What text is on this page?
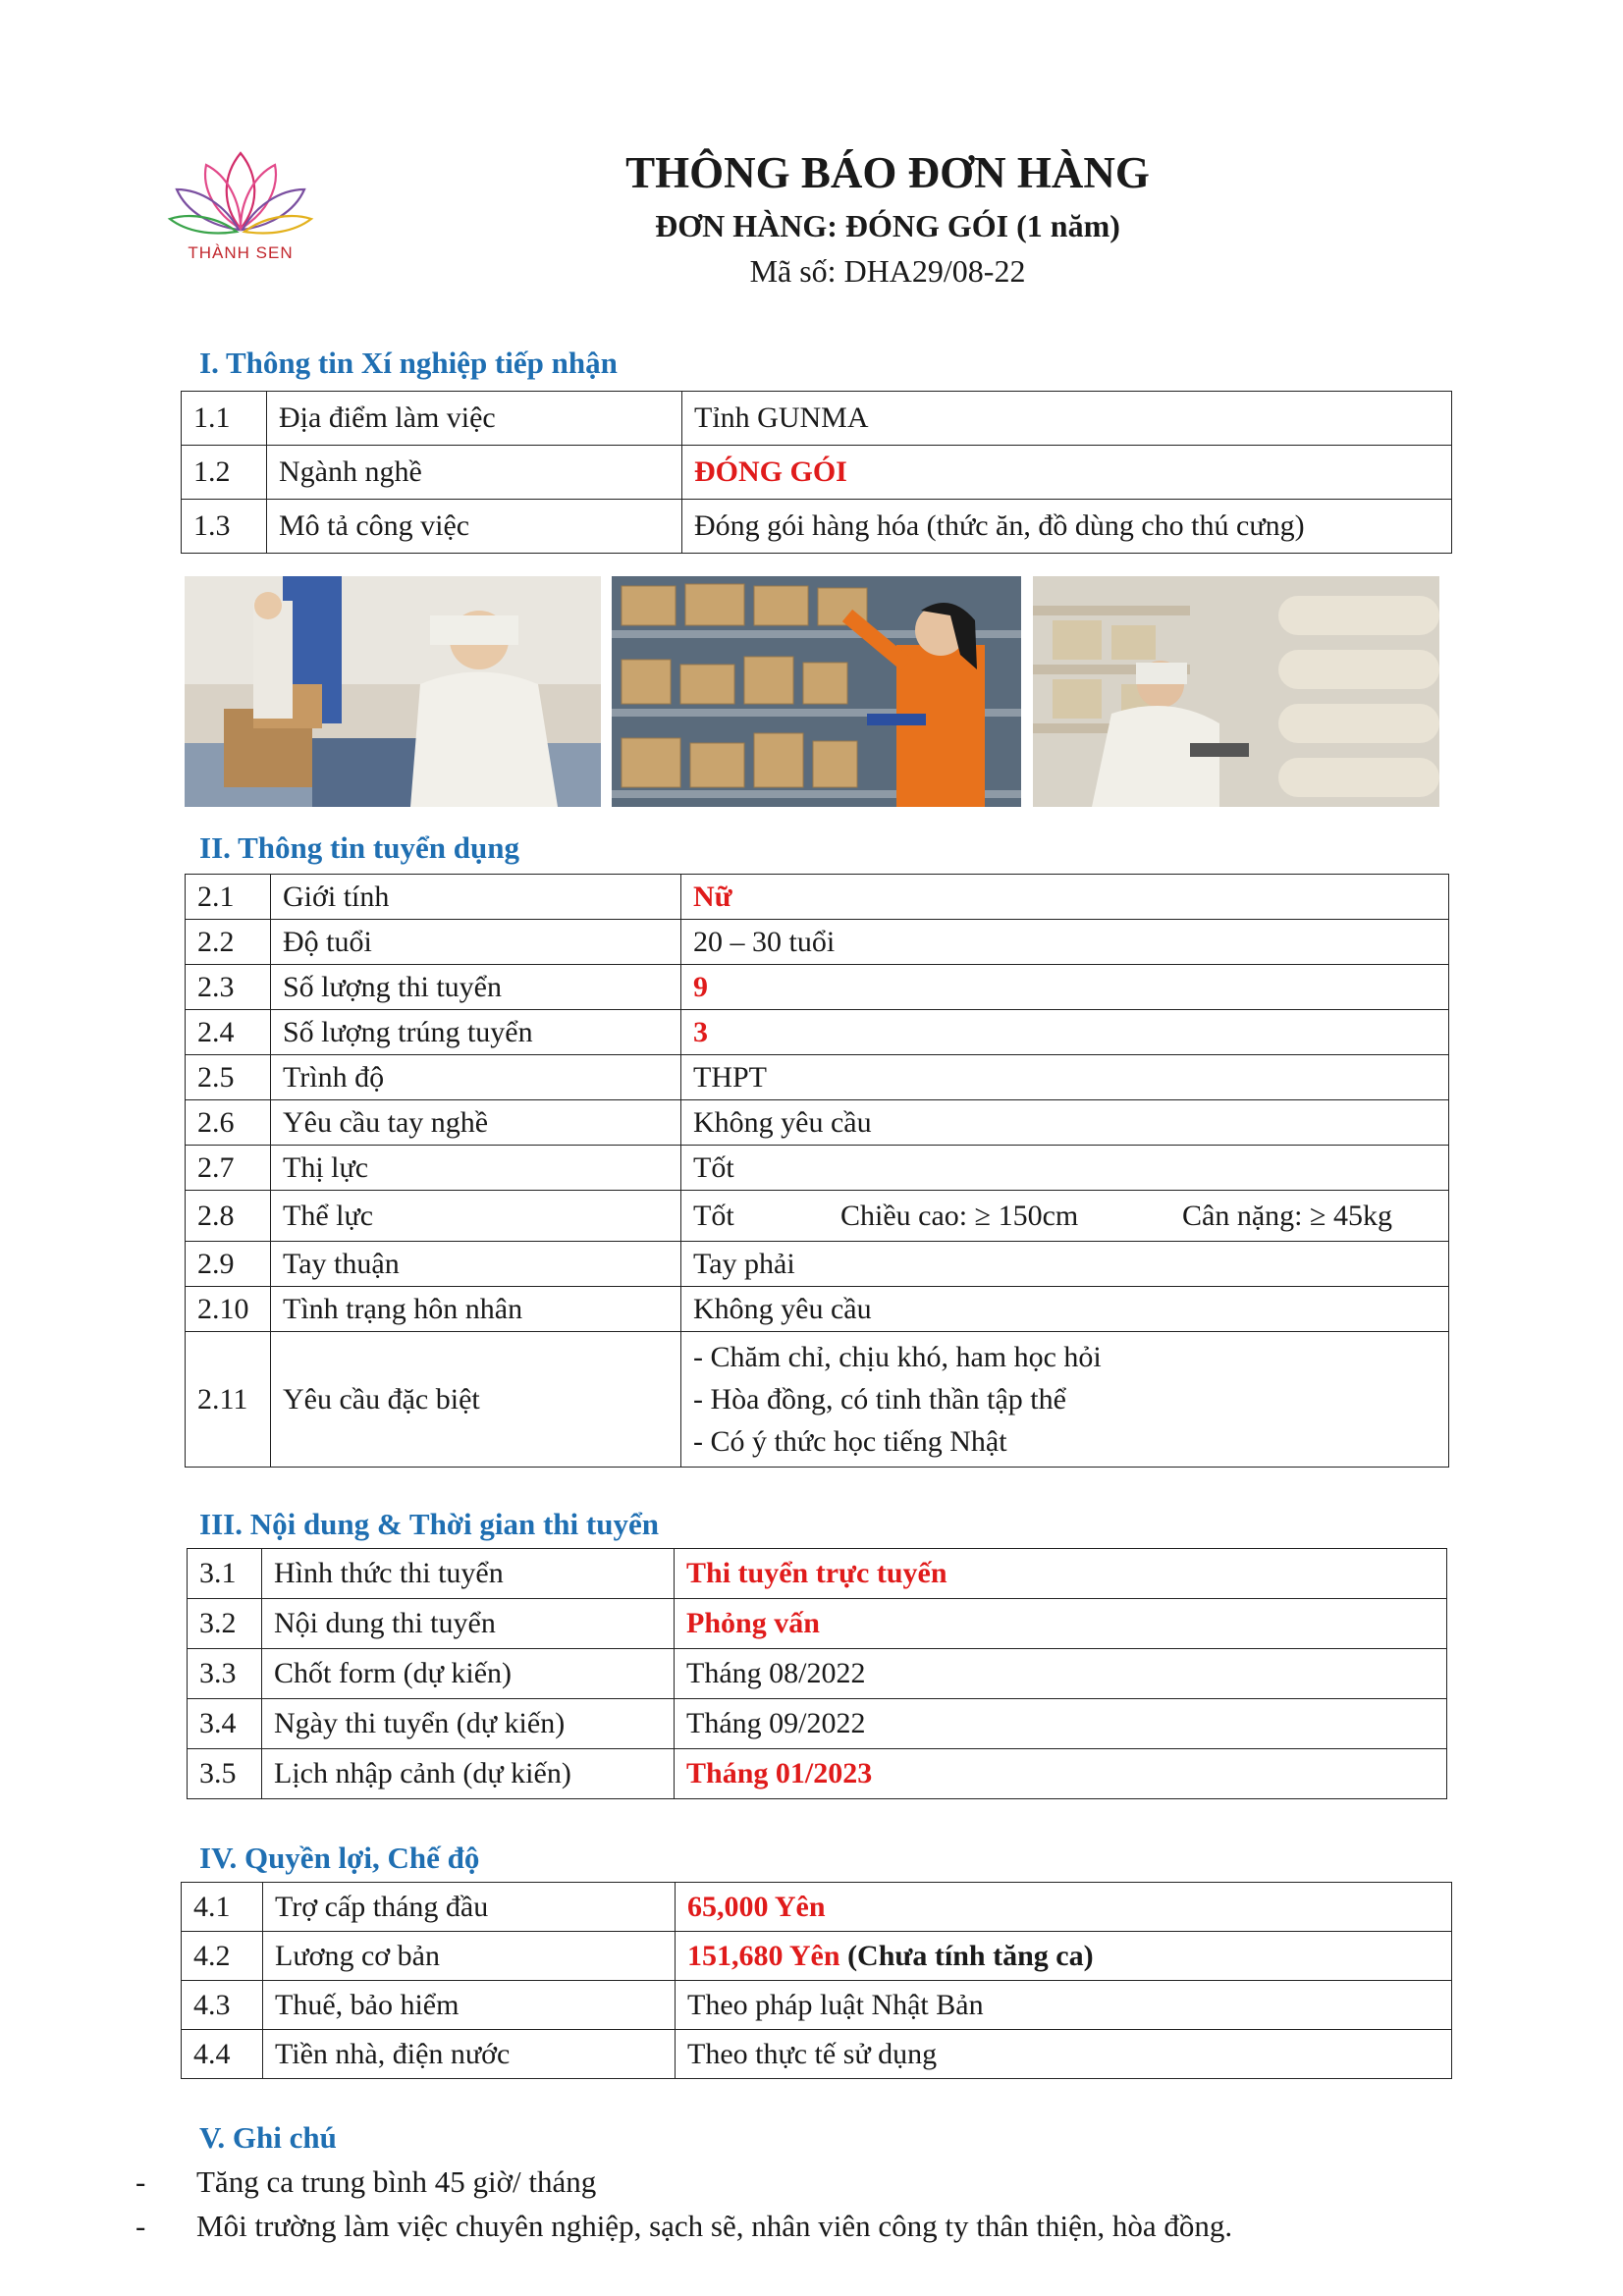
THÀNH SEN
THÔNG BÁO ĐƠN HÀNG
ĐƠN HÀNG: ĐÓNG GÓI (1 năm)
Mã số: DHA29/08-22
I. Thông tin Xí nghiệp tiếp nhận
1.1	Địa điểm làm việc	Tỉnh GUNMA
1.2	Ngành nghề	ĐÓNG GÓI
1.3	Mô tả công việc	Đóng gói hàng hóa (thức ăn, đồ dùng cho thú cưng)
II. Thông tin tuyển dụng
2.1	Giới tính	Nữ
2.2	Độ tuổi	20 – 30 tuổi
2.3	Số lượng thi tuyển	9
2.4	Số lượng trúng tuyển	3
2.5	Trình độ	THPT
2.6	Yêu cầu tay nghề	Không yêu cầu
2.7	Thị lực	Tốt
2.8	Thể lực	Tốt Chiều cao: ≥ 150cm Cân nặng: ≥ 45kg

2.9	Tay thuận	Tay phải
2.10	Tình trạng hôn nhân	Không yêu cầu
2.11	Yêu cầu đặc biệt	- Chăm chỉ, chịu khó, ham học hỏi
- Hòa đồng, có tinh thần tập thể
- Có ý thức học tiếng Nhật
III. Nội dung & Thời gian thi tuyển
3.1	Hình thức thi tuyển	Thi tuyển trực tuyến
3.2	Nội dung thi tuyển	Phỏng vấn
3.3	Chốt form (dự kiến)	Tháng 08/2022
3.4	Ngày thi tuyển (dự kiến)	Tháng 09/2022
3.5	Lịch nhập cảnh (dự kiến)	Tháng 01/2023
IV. Quyền lợi, Chế độ
4.1	Trợ cấp tháng đầu	65,000 Yên
4.2	Lương cơ bản	151,680 Yên (Chưa tính tăng ca)
4.3	Thuế, bảo hiểm	Theo pháp luật Nhật Bản
4.4	Tiền nhà, điện nước	Theo thực tế sử dụng
V. Ghi chú
- Tăng ca trung bình 45 giờ/ tháng
- Môi trường làm việc chuyên nghiệp, sạch sẽ, nhân viên công ty thân thiện, hòa đồng.
